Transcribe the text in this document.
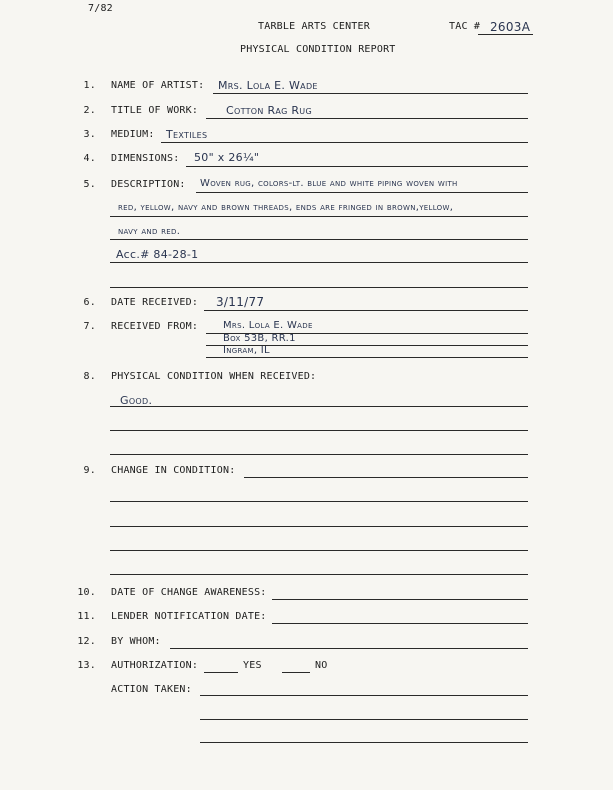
7/82
TARBLE ARTS CENTER	TAC # 2603A
PHYSICAL CONDITION REPORT
1. NAME OF ARTIST: Mrs. Lola E. Wade
2. TITLE OF WORK:	Cotton Rag Rug
3. MEDIUM: Textiles
4. DIMENSIONS: 50" x 26¼"
5. DESCRIPTION: Woven rug, colors-lt. blue and white piping woven with
red, yellow, navy and brown threads, ends are fringed in brown,yellow,
navy and red.
Acc.# 84-28-1
6. DATE RECEIVED: 3/11/77
7. RECEIVED FROM: Mrs. Lola E. Wade
Box 53B, RR.1
Ingram, IL
8. PHYSICAL CONDITION WHEN RECEIVED:
Good.
9. CHANGE IN CONDITION:
10. DATE OF CHANGE AWARENESS:
11. LENDER NOTIFICATION DATE:
12. BY WHOM:
13. AUTHORIZATION:	YES	NO
ACTION TAKEN:
